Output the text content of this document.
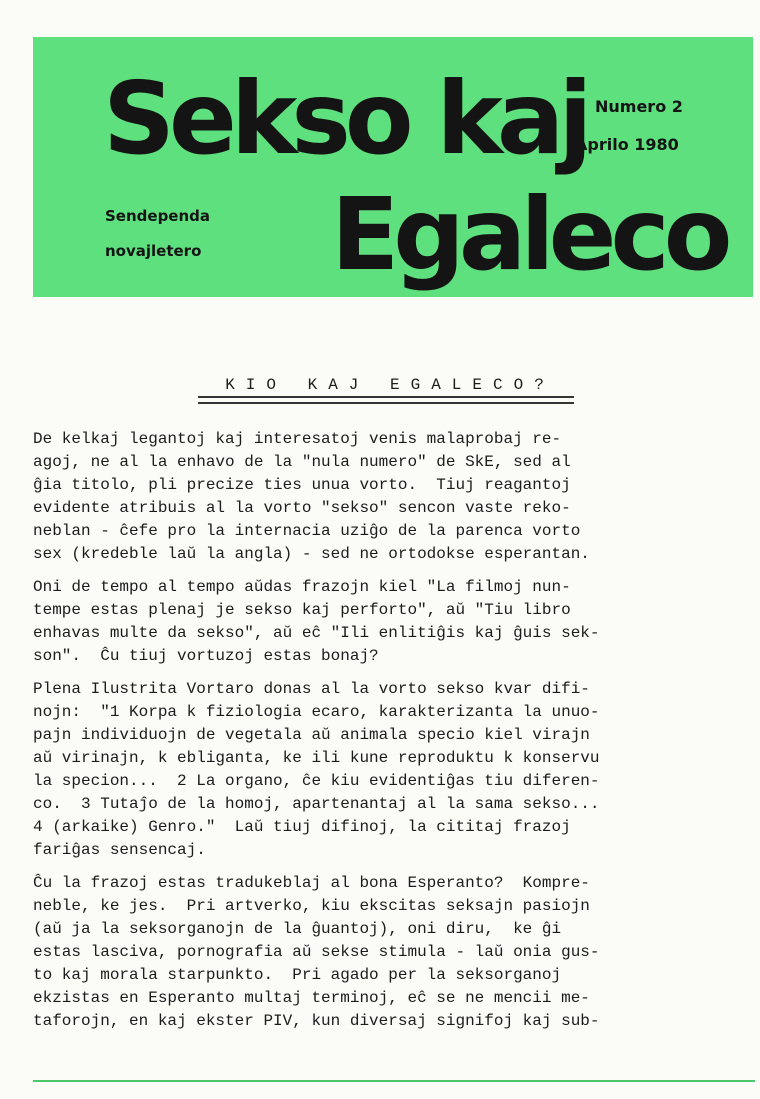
Sekso kaj
Egaleco
Sendependa
novajletero
Numero 2
Aprilo 1980
KIO KAJ EGALECO?
De kelkaj legantoj kaj interesatoj venis malaprobaj re-
agoj, ne al la enhavo de la "nula numero" de SkE, sed al
ĝia titolo, pli precize ties unua vorto.  Tiuj reagantoj
evidente atribuis al la vorto "sekso" sencon vaste reko-
neblan - ĉefe pro la internacia uziĝo de la parenca vorto
sex (kredeble laŭ la angla) - sed ne ortodokse esperantan.
Oni de tempo al tempo aŭdas frazojn kiel "La filmoj nun-
tempe estas plenaj je sekso kaj perforto", aŭ "Tiu libro
enhavas multe da sekso", aŭ eĉ "Ili enlitiĝis kaj ĝuis sek-
son".  Ĉu tiuj vortuzoj estas bonaj?
Plena Ilustrita Vortaro donas al la vorto sekso kvar difi-
nojn:  "1 Korpa k fiziologia ecaro, karakterizanta la unuo-
pajn individuojn de vegetala aŭ animala specio kiel virajn
aŭ virinajn, k ebliganta, ke ili kune reproduktu k konservu
la specion...  2 La organo, ĉe kiu evidentiĝas tiu diferen-
co.  3 Tutaĵo de la homoj, apartenantaj al la sama sekso...
4 (arkaike) Genro."  Laŭ tiuj difinoj, la cititaj frazoj
fariĝas sensencaj.
Ĉu la frazoj estas tradukeblaj al bona Esperanto?  Kompre-
neble, ke jes.  Pri artverko, kiu ekscitas seksajn pasiojn
(aŭ ja la seksorganojn de la ĝuantoj), oni diru,  ke ĝi
estas lasciva, pornografia aŭ sekse stimula - laŭ onia gus-
to kaj morala starpunkto.  Pri agado per la seksorganoj
ekzistas en Esperanto multaj terminoj, eĉ se ne mencii me-
taforojn, en kaj ekster PIV, kun diversaj signifoj kaj sub-
